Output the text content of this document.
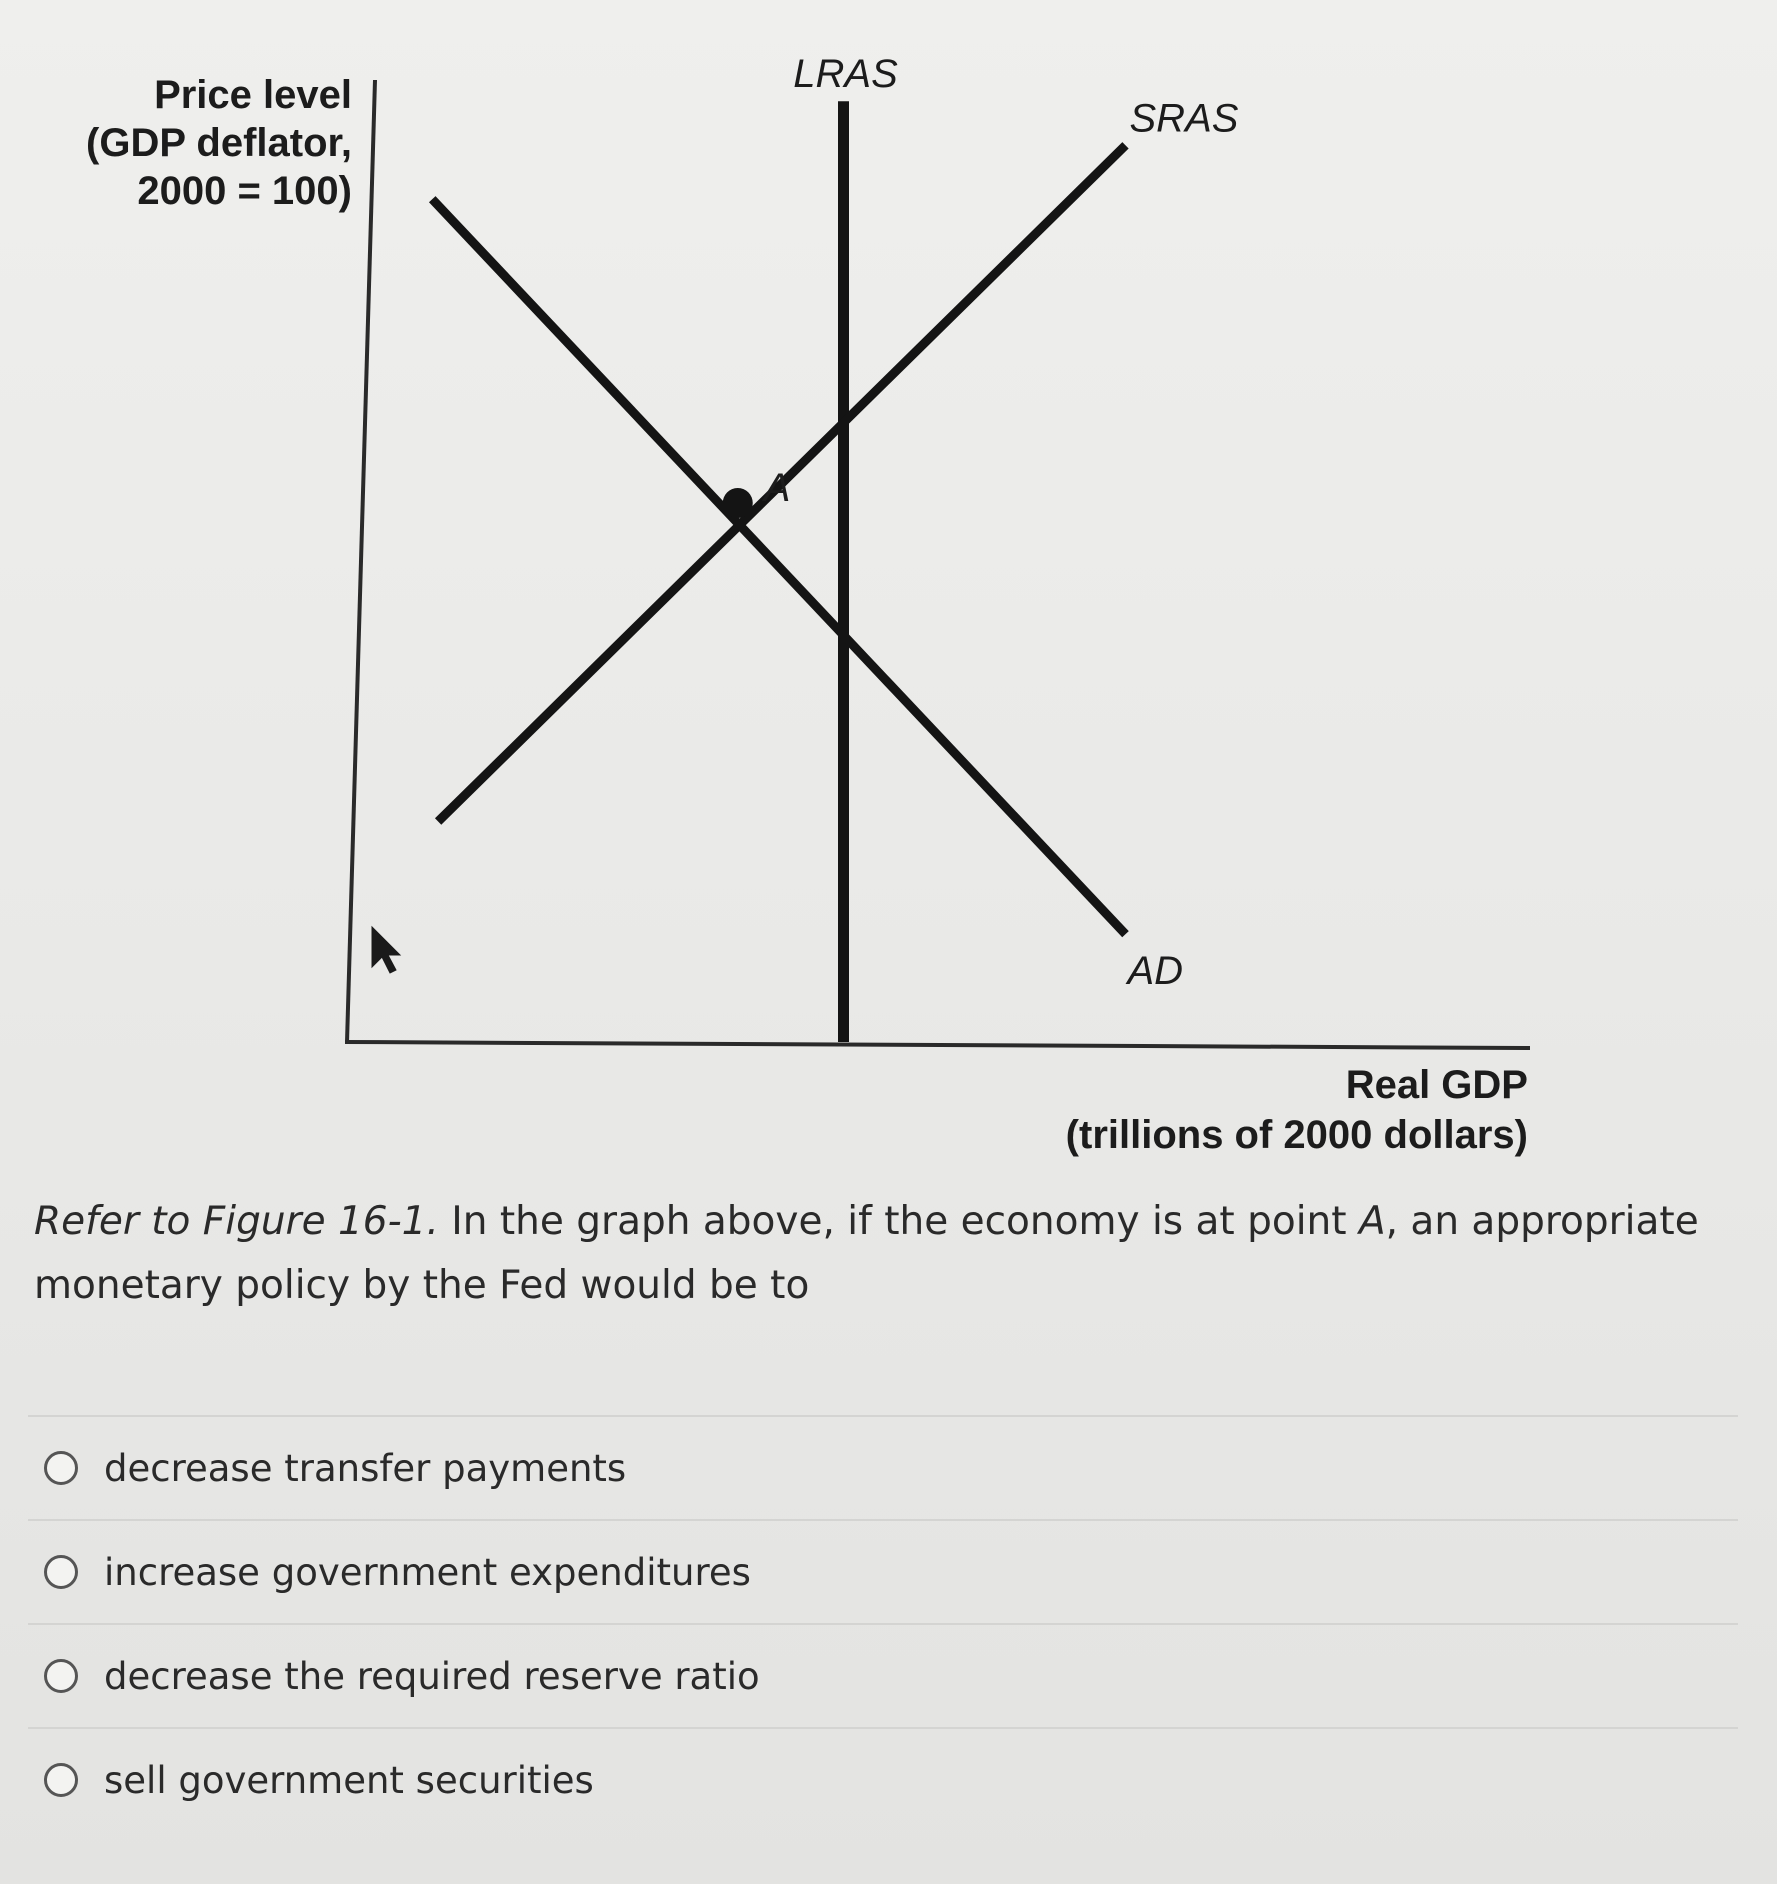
Price level
(GDP deflator,
2000 = 100)
Real GDP
(trillions of 2000 dollars)
LRAS
SRAS
AD
A
Refer to Figure 16-1. In the graph above, if the economy is at point A, an appropriate monetary policy by the Fed would be to
decrease transfer payments
increase government expenditures
decrease the required reserve ratio
sell government securities
